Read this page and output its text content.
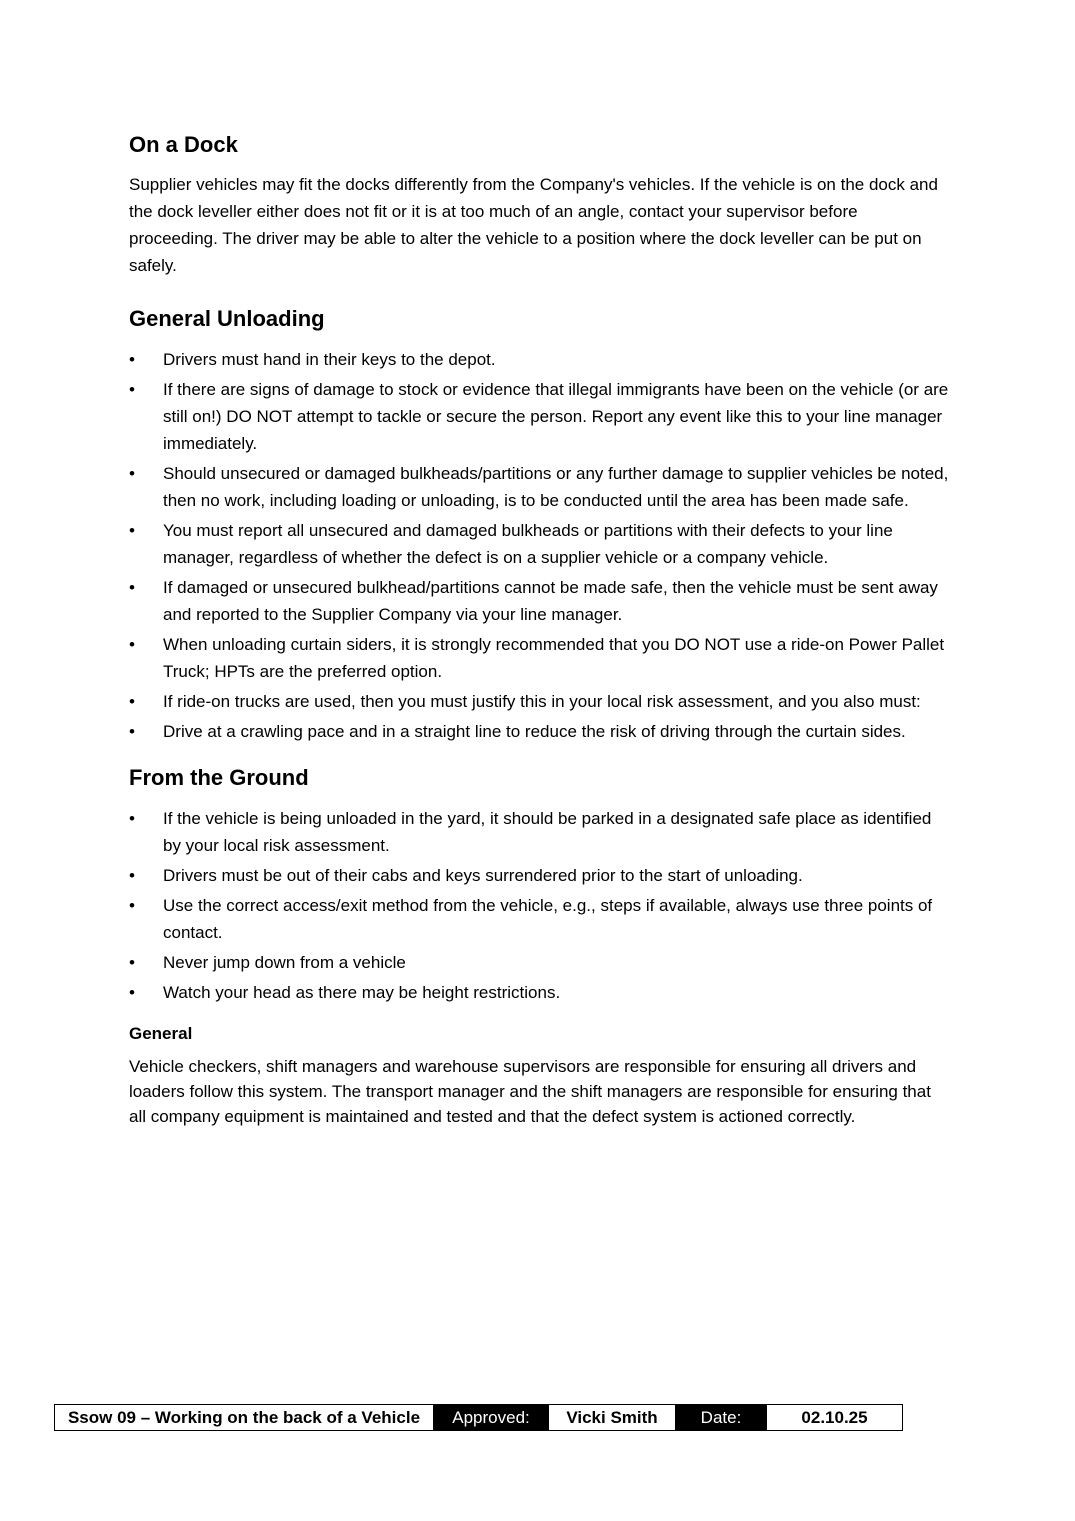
On a Dock

Supplier vehicles may fit the docks differently from the Company's vehicles. If the vehicle is on the dock and the dock leveller either does not fit or it is at too much of an angle, contact your supervisor before proceeding. The driver may be able to alter the vehicle to a position where the dock leveller can be put on safely.

General Unloading
•	Drivers must hand in their keys to the depot.
•	If there are signs of damage to stock or evidence that illegal immigrants have been on the vehicle (or are still on!) DO NOT attempt to tackle or secure the person. Report any event like this to your line manager immediately.
•	Should unsecured or damaged bulkheads/partitions or any further damage to supplier vehicles be noted, then no work, including loading or unloading, is to be conducted until the area has been made safe.
•	You must report all unsecured and damaged bulkheads or partitions with their defects to your line manager, regardless of whether the defect is on a supplier vehicle or a company vehicle.
•	If damaged or unsecured bulkhead/partitions cannot be made safe, then the vehicle must be sent away and reported to the Supplier Company via your line manager.
•	When unloading curtain siders, it is strongly recommended that you DO NOT use a ride-on Power Pallet Truck; HPTs are the preferred option.
•	If ride-on trucks are used, then you must justify this in your local risk assessment, and you also must:
•	Drive at a crawling pace and in a straight line to reduce the risk of driving through the curtain sides.
From the Ground
•	If the vehicle is being unloaded in the yard, it should be parked in a designated safe place as identified by your local risk assessment.
•	Drivers must be out of their cabs and keys surrendered prior to the start of unloading.
•	Use the correct access/exit method from the vehicle, e.g., steps if available, always use three points of contact.
•	Never jump down from a vehicle
•	Watch your head as there may be height restrictions.
General

Vehicle checkers, shift managers and warehouse supervisors are responsible for ensuring all drivers and loaders follow this system. The transport manager and the shift managers are responsible for ensuring that all company equipment is maintained and tested and that the defect system is actioned correctly.

Ssow 09 – Working on the back of a Vehicle	Approved:	Vicki Smith	Date:	02.10.25
